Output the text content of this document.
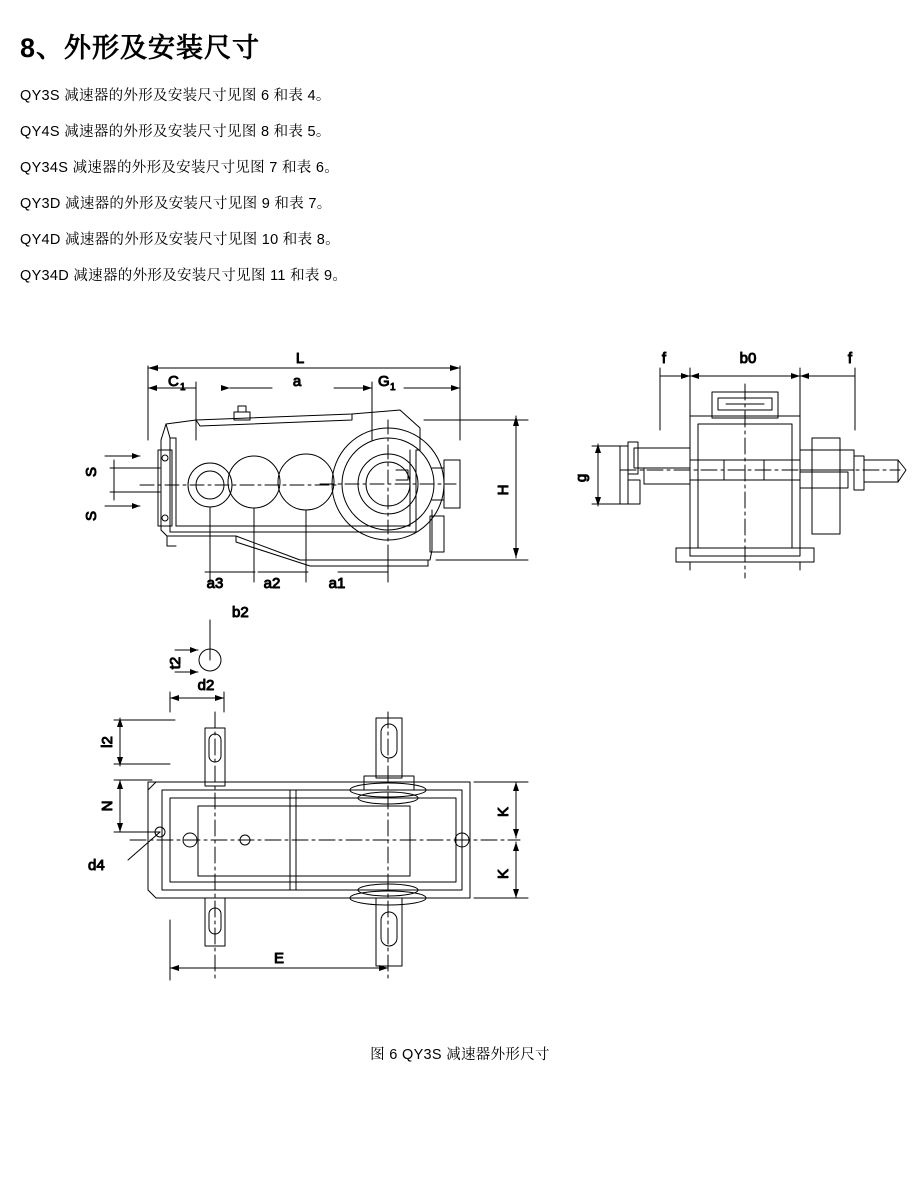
8、外形及安装尺寸
QY3S 减速器的外形及安装尺寸见图 6 和表 4。
QY4S 减速器的外形及安装尺寸见图 8 和表 5。
QY34S 减速器的外形及安装尺寸见图 7 和表 6。
QY3D 减速器的外形及安装尺寸见图 9 和表 7。
QY4D 减速器的外形及安装尺寸见图 10 和表 8。
QY34D 减速器的外形及安装尺寸见图 11 和表 9。
L
C 1	a	G 1
H
S
S
a3	a2	a1
f	b0	f
g
b2
t2
d2
l2
N
d4
K
K
E
图 6 QY3S 减速器外形尺寸
